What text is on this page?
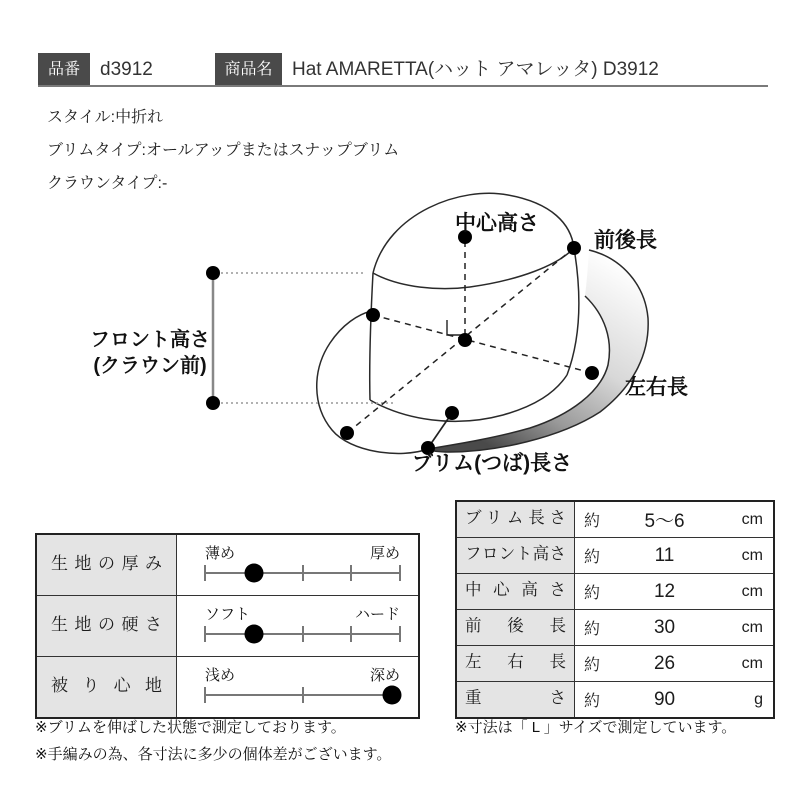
品番	d3912	商品名	Hat AMARETTA(ハット アマレッタ) D3912
スタイル:中折れ
ブリムタイプ:オールアップまたはスナップブリム
クラウンタイプ:-
中心高さ
前後長
フロント高さ
(クラウン前)
左右長
ブリム(つば)長さ
生地の厚み
薄め	厚め
生地の硬さ
ソフト	ハード
被り心地
浅め	深め
ブリム長さ	約	5〜6	cm
フロント高さ	約	11	cm
中心高さ	約	12	cm
前後長	約	30	cm
左右長	約	26	cm
重さ	約	90	g
※ブリムを伸ばした状態で測定しております。
※手編みの為、各寸法に多少の個体差がございます。
※寸法は「 L 」サイズで測定しています。
